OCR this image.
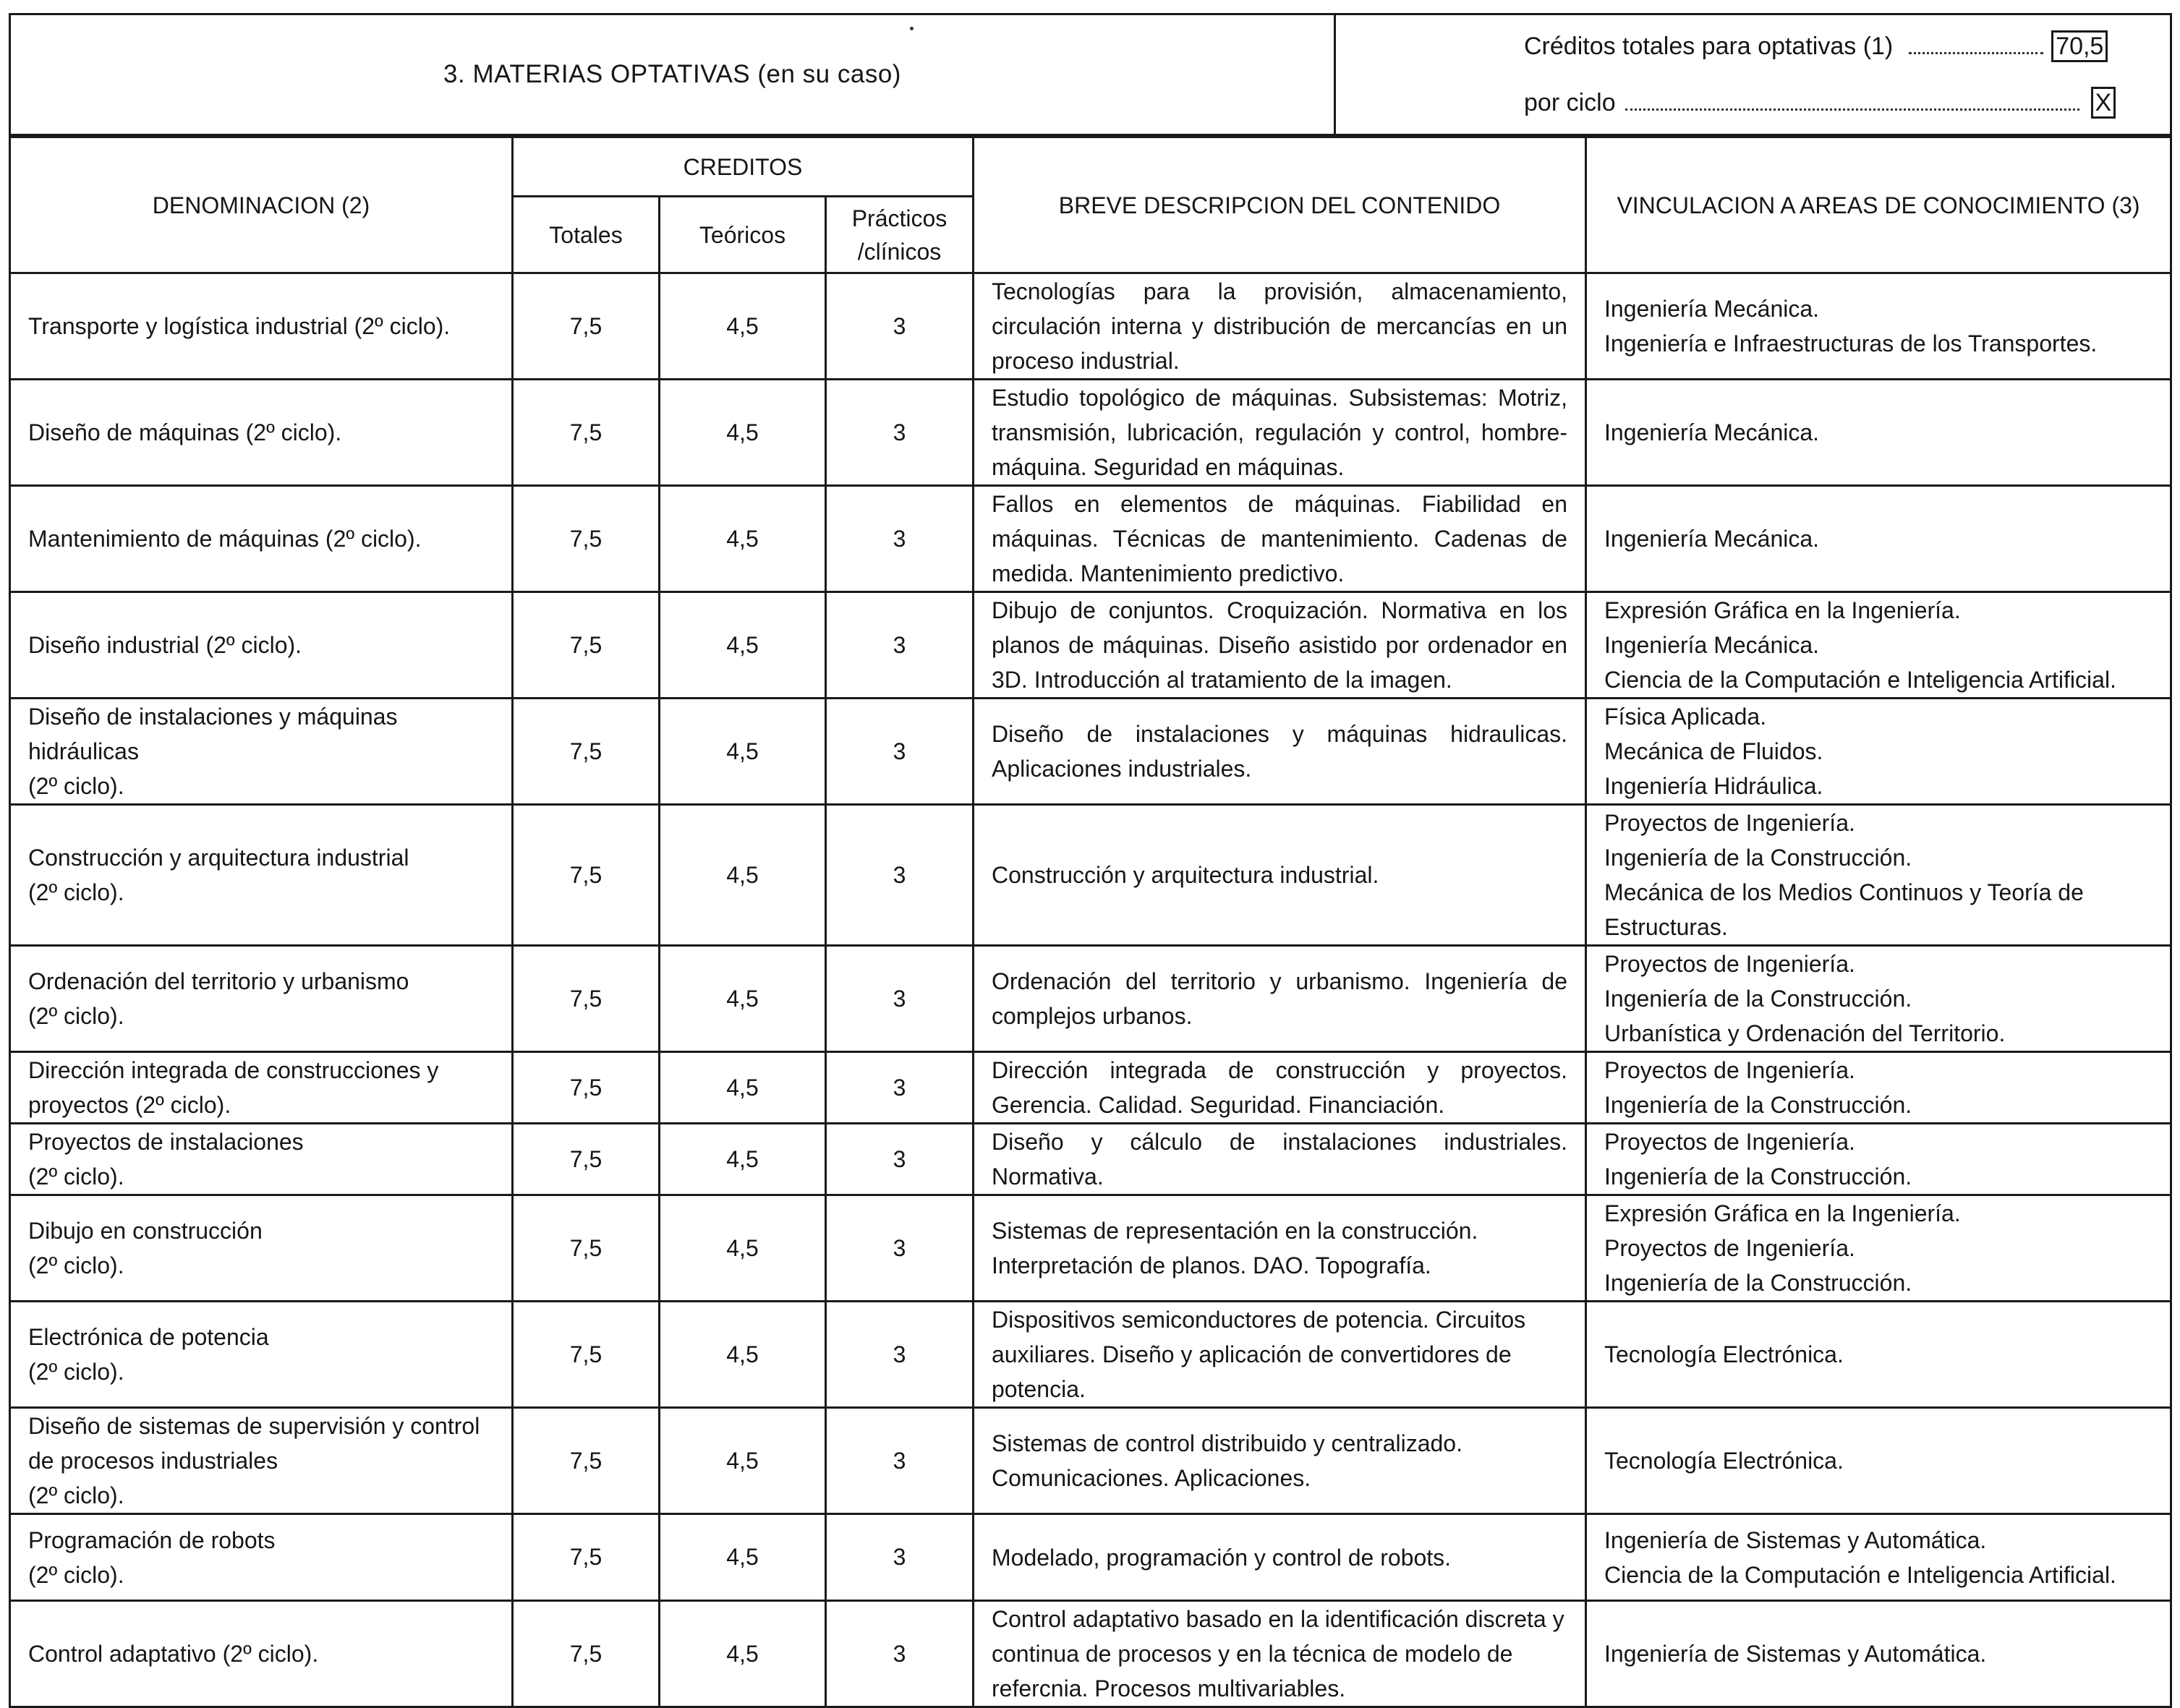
3. MATERIAS OPTATIVAS (en su caso)	
Créditos totales para optativas (1)	70,5
por ciclo	X
DENOMINACION (2)	CREDITOS			BREVE DESCRIPCION DEL CONTENIDO	VINCULACION A AREAS DE CONOCIMIENTO (3)
	Totales	Teóricos	Prácticos /clínicos		
Transporte y logística industrial (2º ciclo).	7,5	4,5	3	Tecnologías para la provisión, almacenamiento, circulación interna y distribución de mercancías en un proceso industrial.	Ingeniería Mecánica.
Ingeniería e Infraestructuras de los Transportes.
Diseño de máquinas (2º ciclo).	7,5	4,5	3	Estudio topológico de máquinas. Subsistemas: Motriz, transmisión, lubricación, regulación y control, hombre-máquina. Seguridad en máquinas.	Ingeniería Mecánica.
Mantenimiento de máquinas (2º ciclo).	7,5	4,5	3	Fallos en elementos de máquinas. Fiabilidad en máquinas. Técnicas de mantenimiento. Cadenas de medida. Mantenimiento predictivo.	Ingeniería Mecánica.
Diseño industrial (2º ciclo).	7,5	4,5	3	Dibujo de conjuntos. Croquización. Normativa en los planos de máquinas. Diseño asistido por ordenador en 3D. Introducción al tratamiento de la imagen.	Expresión Gráfica en la Ingeniería.
Ingeniería Mecánica.
Ciencia de la Computación e Inteligencia Artificial.
Diseño de instalaciones y máquinas hidráulicas
(2º ciclo).	7,5	4,5	3	Diseño de instalaciones y máquinas hidraulicas. Aplicaciones industriales.	Física Aplicada.
Mecánica de Fluidos.
Ingeniería Hidráulica.
Construcción y arquitectura industrial
(2º ciclo).	7,5	4,5	3	Construcción y arquitectura industrial.	Proyectos de Ingeniería.
Ingeniería de la Construcción.
Mecánica de los Medios Continuos y Teoría de Estructuras.
Ordenación del territorio y urbanismo
(2º ciclo).	7,5	4,5	3	Ordenación del territorio y urbanismo. Ingeniería de complejos urbanos.	Proyectos de Ingeniería.
Ingeniería de la Construcción.
Urbanística y Ordenación del Territorio.
Dirección integrada de construcciones y proyectos (2º ciclo).	7,5	4,5	3	Dirección integrada de construcción y proyectos. Gerencia. Calidad. Seguridad. Financiación.	Proyectos de Ingeniería.
Ingeniería de la Construcción.
Proyectos de instalaciones
(2º ciclo).	7,5	4,5	3	Diseño y cálculo de instalaciones industriales. Normativa.	Proyectos de Ingeniería.
Ingeniería de la Construcción.
Dibujo en construcción
(2º ciclo).	7,5	4,5	3	Sistemas de representación en la construcción.
Interpretación de planos. DAO. Topografía.	Expresión Gráfica en la Ingeniería.
Proyectos de Ingeniería.
Ingeniería de la Construcción.
Electrónica de potencia
(2º ciclo).	7,5	4,5	3	Dispositivos semiconductores de potencia. Circuitos
auxiliares. Diseño y aplicación de convertidores de
potencia.	Tecnología Electrónica.
Diseño de sistemas de supervisión y control
de procesos industriales
(2º ciclo).	7,5	4,5	3	Sistemas de control distribuido y centralizado.
Comunicaciones. Aplicaciones.	Tecnología Electrónica.
Programación de robots
(2º ciclo).	7,5	4,5	3	Modelado, programación y control de robots.	Ingeniería de Sistemas y Automática.
Ciencia de la Computación e Inteligencia Artificial.
Control adaptativo (2º ciclo).	7,5	4,5	3	Control adaptativo basado en la identificación discreta y
continua de procesos y en la técnica de modelo de
refercnia. Procesos multivariables.	Ingeniería de Sistemas y Automática.
